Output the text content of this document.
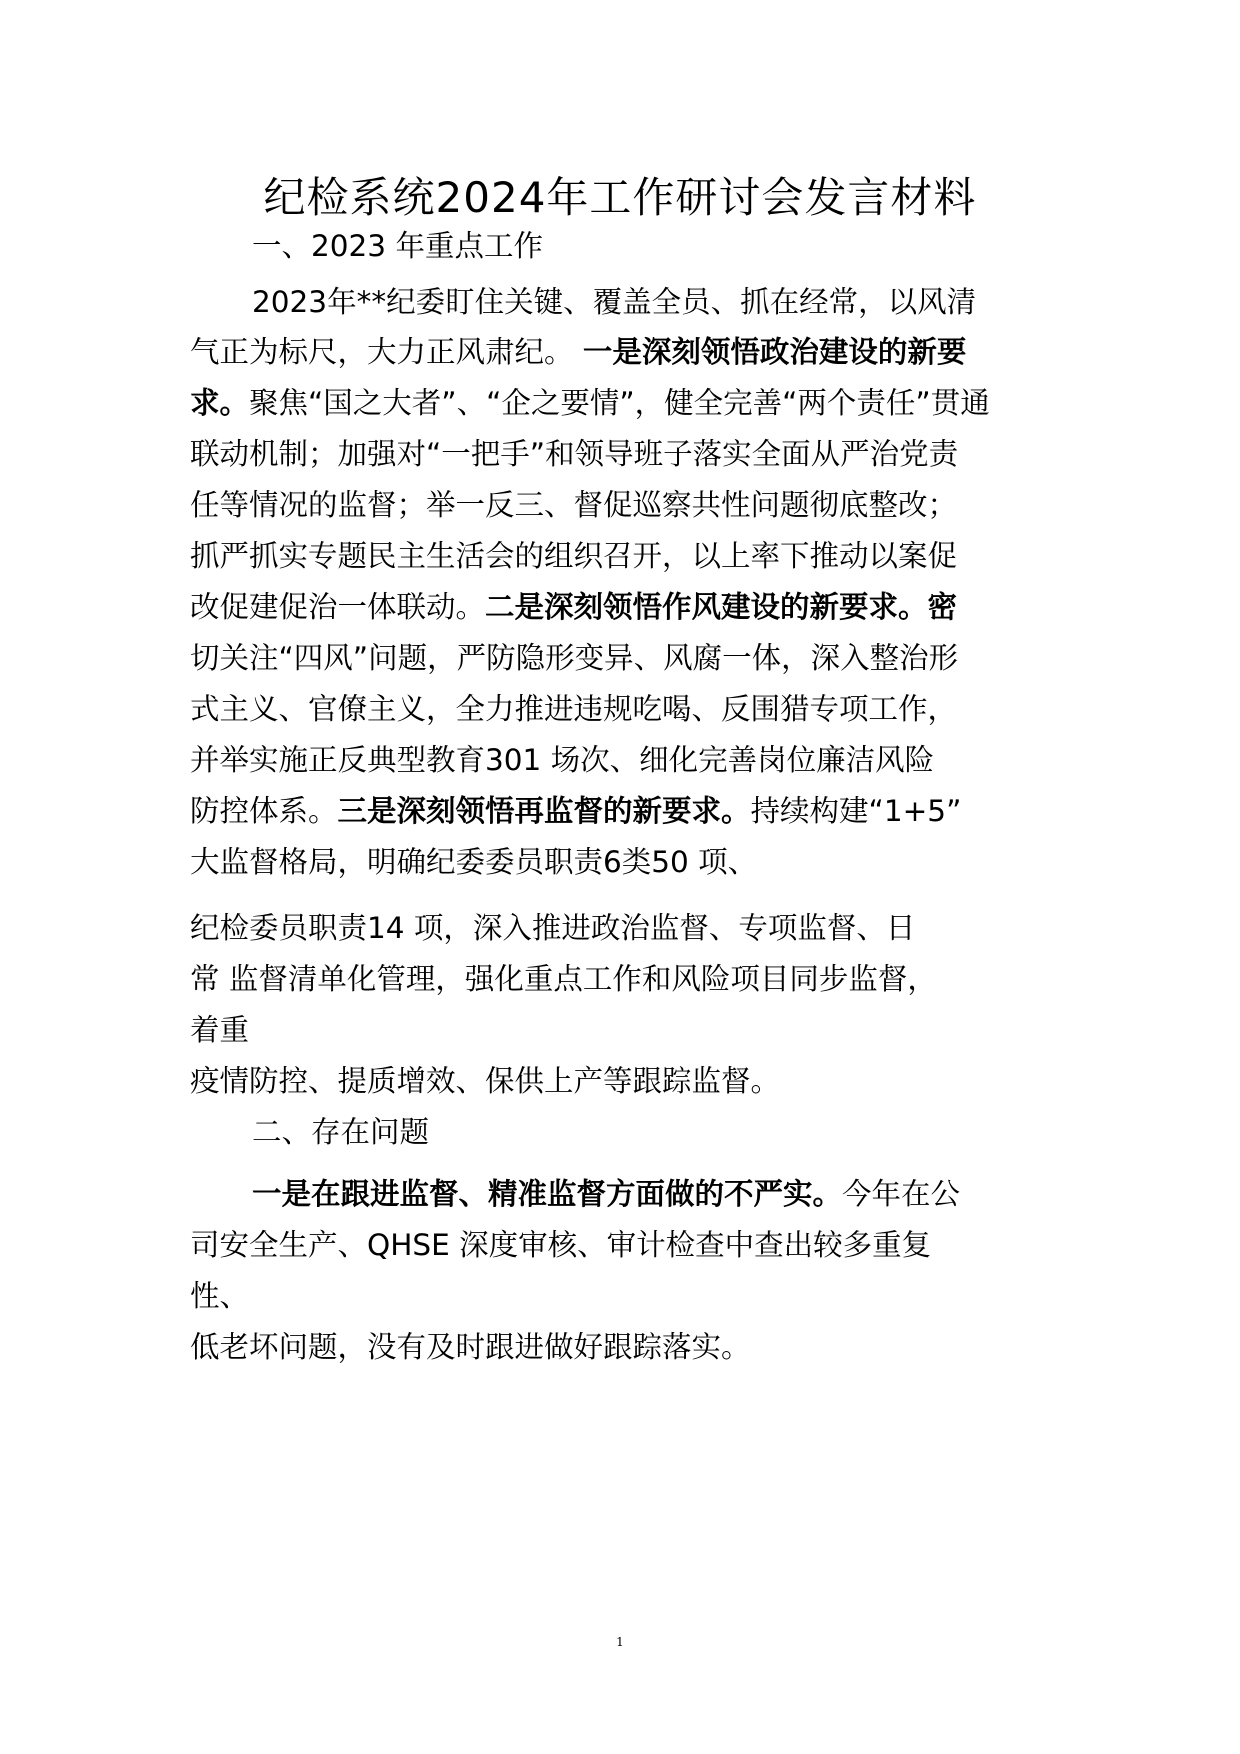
纪检系统2024年工作研讨会发言材料
一、2023 年重点工作
2023年**纪委盯住关键、覆盖全员、抓在经常，以风清
气正为标尺，大力正风肃纪。 一是深刻领悟政治建设的新要
求。聚焦“国之大者”、“企之要情”，健全完善“两个责任”贯通
联动机制；加强对“一把手”和领导班子落实全面从严治党责
任等情况的监督；举一反三、督促巡察共性问题彻底整改；
抓严抓实专题民主生活会的组织召开，以上率下推动以案促
改促建促治一体联动。二是深刻领悟作风建设的新要求。密
切关注“四风”问题，严防隐形变异、风腐一体，深入整治形
式主义、官僚主义，全力推进违规吃喝、反围猎专项工作，
并举实施正反典型教育301 场次、细化完善岗位廉洁风险
防控体系。三是深刻领悟再监督的新要求。持续构建“1+5”
大监督格局，明确纪委委员职责6类50 项、
纪检委员职责14 项，深入推进政治监督、专项监督、日
常 监督清单化管理，强化重点工作和风险项目同步监督，
着重
疫情防控、提质增效、保供上产等跟踪监督。
二、存在问题
一是在跟进监督、精准监督方面做的不严实。今年在公
司安全生产、QHSE 深度审核、审计检查中查出较多重复
性、
低老坏问题，没有及时跟进做好跟踪落实。
1
